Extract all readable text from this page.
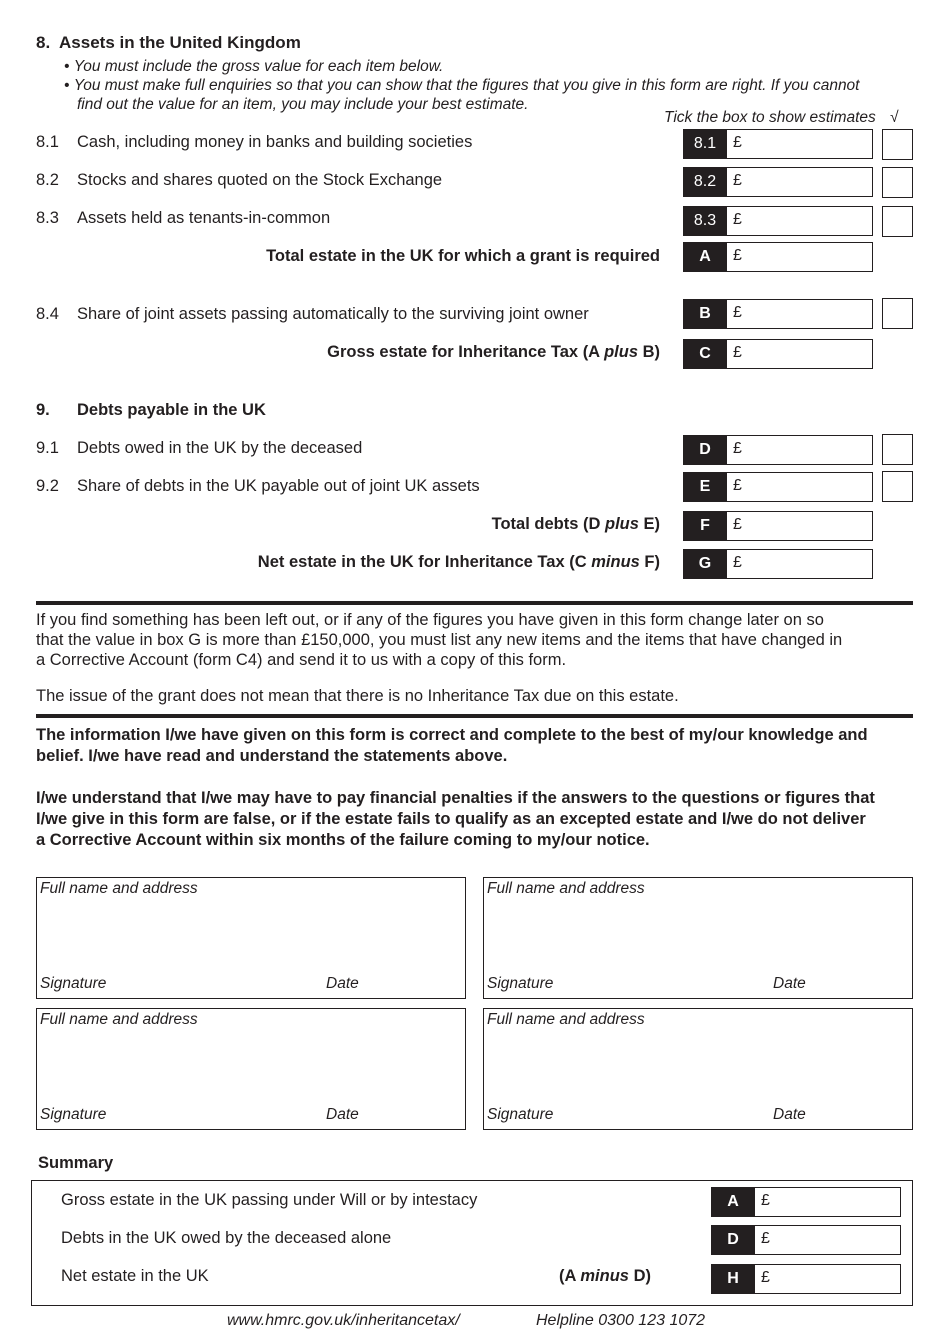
8. Assets in the United Kingdom
• You must include the gross value for each item below.
• You must make full enquiries so that you can show that the figures that you give in this form are right. If you cannot
find out the value for an item, you may include your best estimate.
Tick the box to show estimates √
8.1 Cash, including money in banks and building societies	8.1	£
8.2 Stocks and shares quoted on the Stock Exchange	8.2	£
8.3 Assets held as tenants-in-common	8.3	£
Total estate in the UK for which a grant is required	A	£
8.4 Share of joint assets passing automatically to the surviving joint owner	B	£
Gross estate for Inheritance Tax (A plus B)	C	£
9. Debts payable in the UK
9.1 Debts owed in the UK by the deceased	D	£
9.2 Share of debts in the UK payable out of joint UK assets	E	£
Total debts (D plus E)	F	£
Net estate in the UK for Inheritance Tax (C minus F)	G	£
If you find something has been left out, or if any of the figures you have given in this form change later on so
that the value in box G is more than £150,000, you must list any new items and the items that have changed in
a Corrective Account (form C4) and send it to us with a copy of this form.
The issue of the grant does not mean that there is no Inheritance Tax due on this estate.
The information I/we have given on this form is correct and complete to the best of my/our knowledge and
belief. I/we have read and understand the statements above.
I/we understand that I/we may have to pay financial penalties if the answers to the questions or figures that
I/we give in this form are false, or if the estate fails to qualify as an excepted estate and I/we do not deliver
a Corrective Account within six months of the failure coming to my/our notice.
Full name and address
Signature	Date
Full name and address
Signature	Date
Full name and address
Signature	Date
Full name and address
Signature	Date
Summary
Gross estate in the UK passing under Will or by intestacy	A	£
Debts in the UK owed by the deceased alone	D	£
Net estate in the UK	(A minus D)	H	£
www.hmrc.gov.uk/inheritancetax/	Helpline 0300 123 1072
